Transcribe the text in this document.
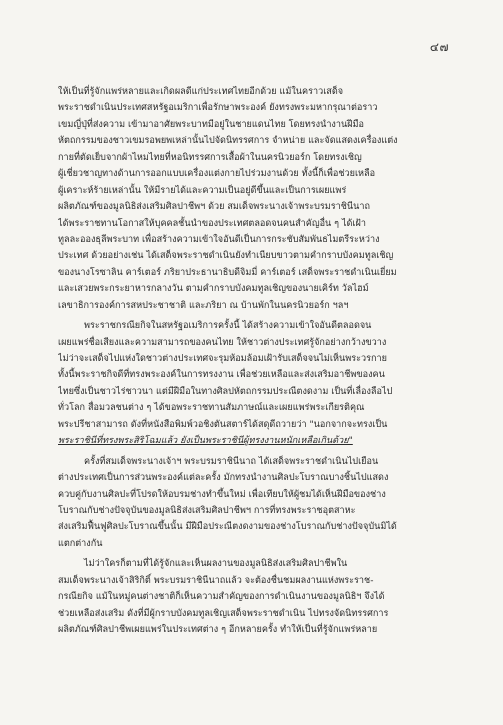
๔๗
ให้เป็นที่รู้จักแพร่หลายและเกิดผลดีแก่ประเทศไทยอีกด้วย แม้ในคราวเสด็จ
พระราชดำเนินประเทศสหรัฐอเมริกาเพื่อรักษาพระองค์ ยังทรงพระมหากรุณาต่อราว
เขมญี่ปุ่ที่ส่งความ เข้ามาอาศัยพระบาทมีอยู่ในชายแดนไทย โดยทรงนำงานฝีมือ
หัตถกรรมของชาวเขมรอพยพเหล่านั้นไปจัดนิทรรศการ จำหน่าย และจัดแสดงเครื่องแต่ง
กายที่ตัดเย็บจากผ้าไหมไทยที่หอนิทรรศการเสื้อผ้าในนครนิวยอร์ก โดยทรงเชิญ
ผู้เชี่ยวชาญทางด้านการออกแบบเครื่องแต่งกายไปร่วมงานด้วย ทั้งนี้ก็เพื่อช่วยเหลือ
ผู้เคราะห์ร้ายเหล่านั้น ให้มีรายได้และความเป็นอยู่ดีขึ้นและเป็นการเผยแพร่
ผลิตภัณฑ์ของมูลนิธิส่งเสริมศิลปาชีพฯ ด้วย สมเด็จพระนางเจ้าพระบรมราชินีนาถ
ได้พระราชทานโอกาสให้บุคคลชั้นนำของประเทศตลอดจนคนสำคัญอื่น ๆ ได้เฝ้า
ทูลละอองธุลีพระบาท เพื่อสร้างความเข้าใจอันดีเป็นการกระชับสัมพันธไมตรีระหว่าง
ประเทศ ด้วยอย่างเช่น ได้เสด็จพระราชดำเนินยังทำเนียบขาวตามคำกราบบังคมทูลเชิญ
ของนางโรซาลิน คาร์เตอร์ ภริยาประธานาธิบดีจิมมี่ คาร์เตอร์ เสด็จพระราชดำเนินเยี่ยม
และเสวยพระกระยาหารกลางวัน ตามคำกราบบังคมทูลเชิญของนายเคิร์ท วัลไฮม์
เลขาธิการองค์การสหประชาชาติ และภริยา ณ บ้านพักในนครนิวยอร์ก ฯลฯ
พระราชกรณียกิจในสหรัฐอเมริการครั้งนี้ ได้สร้างความเข้าใจอันดีตลอดจน
เผยแพร่ชื่อเสียงและความสามารถของคนไทย ให้ชาวต่างประเทศรู้จักอย่างกว้างขวาง
ไม่ว่าจะเสด็จไปแห่งใดชาวต่างประเทศจะรุมห้อมล้อมเฝ้ารับเสด็จจนไม่เห็นพระวรกาย
ทั้งนี้พระราชกิจดีที่ทรงพระองค์ในการทรงงาน เพื่อช่วยเหลือและส่งเสริมอาชีพของคน
ไทยซึ่งเป็นชาวไร่ชาวนา แต่มีฝีมือในทางศิลปหัตถกรรมประณีตงดงาม เป็นที่เลื่องลือไป
ทั่วโลก สื่อมวลชนต่าง ๆ ได้ขอพระราชทานสัมภาษณ์และเผยแพร่พระเกียรติคุณ
พระปรีชาสามารถ ดังที่หนังสือพิมพ์วอชิงตันสตาร์ได้สดุดีถวายว่า "นอกจากจะทรงเป็น
พระราชินีที่ทรงพระสิริโฉมแล้ว ยังเป็นพระราชินีผู้ทรงงานหนักเหลือเกินด้วย"
ครั้งที่สมเด็จพระนางเจ้าฯ พระบรมราชินีนาถ ได้เสด็จพระราชดำเนินไปเยือน
ต่างประเทศเป็นการส่วนพระองค์แต่ละครั้ง มักทรงนำงานศิลปะโบราณบางชิ้นไปแสดง
ควบคู่กับงานศิลปะที่โปรดให้อบรมช่างทำขึ้นใหม่ เพื่อเทียบให้ผู้ชมได้เห็นฝีมือของช่าง
โบราณกับช่างปัจจุบันของมูลนิธิส่งเสริมศิลปาชีพฯ การที่ทรงพระราชอุตสาหะ
ส่งเสริมฟื้นฟูศิลปะโบราณขึ้นนั้น มีฝีมือประณีตงดงามของช่างโบราณกับช่างปัจจุบันมิได้
แตกต่างกัน
ไม่ว่าใครก็ตามที่ได้รู้จักและเห็นผลงานของมูลนิธิส่งเสริมศิลปาชีพใน
สมเด็จพระนางเจ้าสิริกิติ์ พระบรมราชินีนาถแล้ว จะต้องชื่นชมผลงานแห่งพระราช-
กรณียกิจ แม้ในหมู่คนต่างชาติก็เห็นความสำคัญของการดำเนินงานของมูลนิธิฯ จึงได้
ช่วยเหลือส่งเสริม ดังที่มีผู้กราบบังคมทูลเชิญเสด็จพระราชดำเนิน ไปทรงจัดนิทรรศการ
ผลิตภัณฑ์ศิลปาชีพเผยแพร่ในประเทศต่าง ๆ อีกหลายครั้ง ทำให้เป็นที่รู้จักแพร่หลาย
